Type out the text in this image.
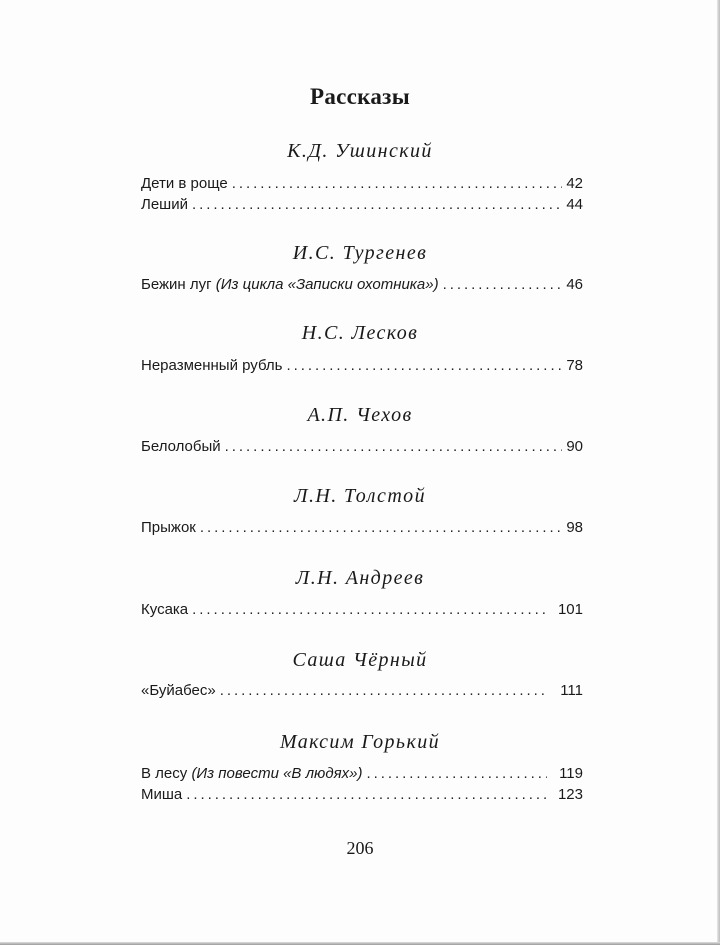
Рассказы
К.Д. Ушинский
Дети в роще . . .	42
Леший . . .	44
И.С. Тургенев
Бежин луг (Из цикла «Записки охотника») . . .	46
Н.С. Лесков
Неразменный рубль . . .	78
А.П. Чехов
Белолобый . . .	90
Л.Н. Толстой
Прыжок . . .	98
Л.Н. Андреев
Кусака . . .	101
Саша Чёрный
«Буйабес» . . .	111
Максим Горький
В лесу (Из повести «В людях») . . .	119
Миша . . .	123
206
